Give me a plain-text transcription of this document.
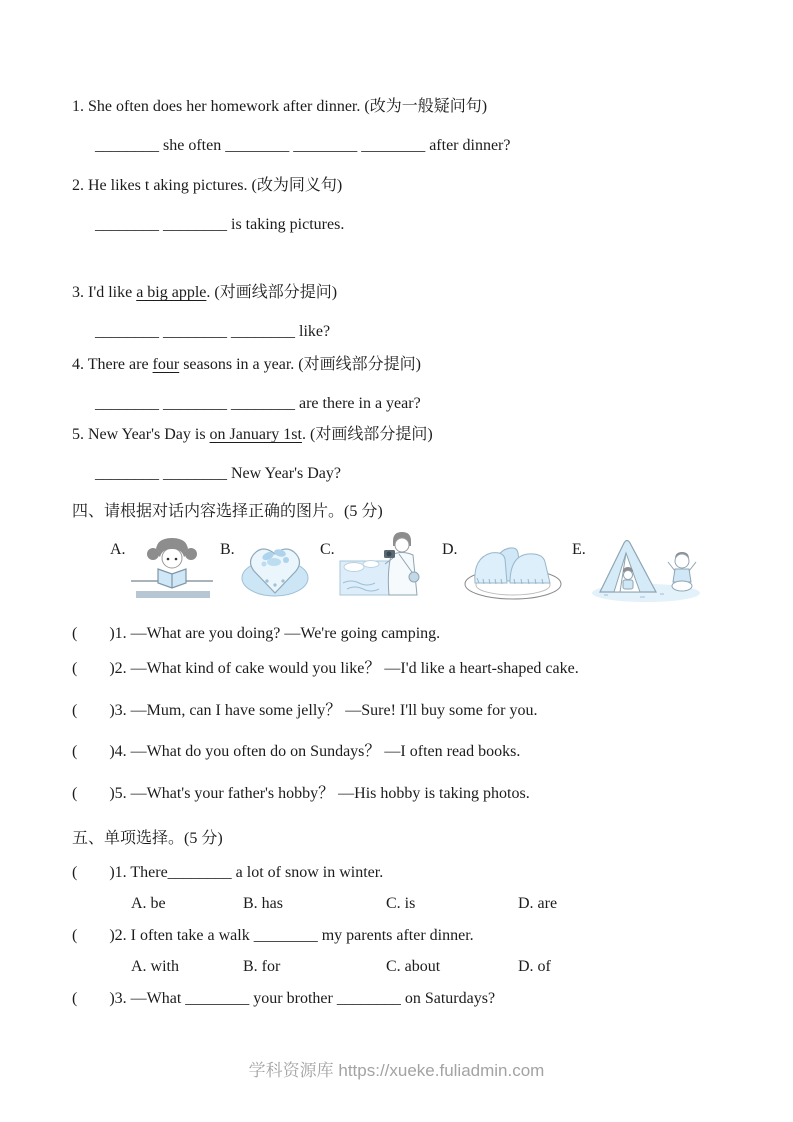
1. She often does her homework after dinner. (改为一般疑问句)
________ she often ________ ________ ________ after dinner?
2. He likes t aking pictures. (改为同义句)
________ ________ is taking pictures.
3. I'd like a big apple. (对画线部分提问)
________ ________ ________ like?
4. There are four seasons in a year. (对画线部分提问)
________ ________ ________ are there in a year?
5. New Year's Day is on January 1st. (对画线部分提问)
________ ________ New Year's Day?
四、请根据对话内容选择正确的图片。(5 分)
A.	B.	C.	D.	E.
(　　)1. —What are you doing? —We're going camping.
(　　)2. —What kind of cake would you like？ —I'd like a heart-shaped cake.
(　　)3. —Mum, can I have some jelly？ —Sure! I'll buy some for you.
(　　)4. —What do you often do on Sundays？ —I often read books.
(　　)5. —What's your father's hobby？ —His hobby is taking photos.
五、单项选择。(5 分)
(　　)1. There________ a lot of snow in winter.
A. be	B. has	C. is	D. are
(　　)2. I often take a walk ________ my parents after dinner.
A. with	B. for	C. about	D. of
(　　)3. —What ________ your brother ________ on Saturdays?
学科资源库 https://xueke.fuliadmin.com
